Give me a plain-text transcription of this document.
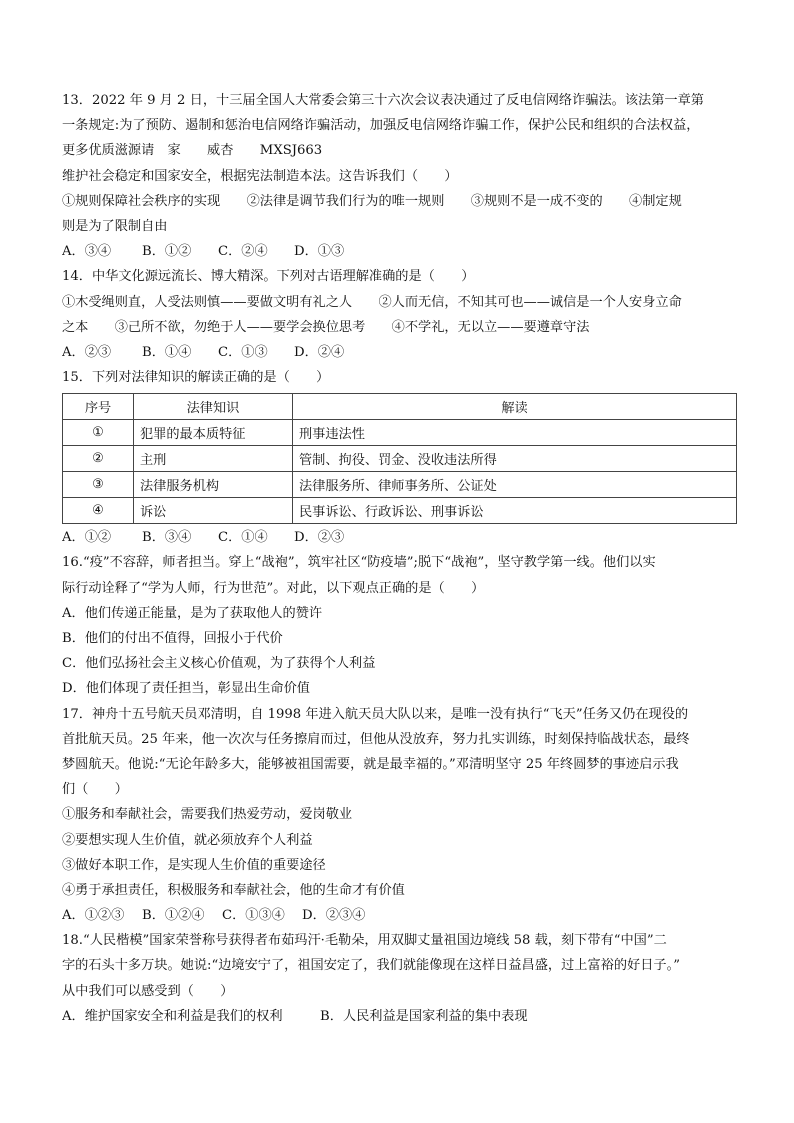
13．2022 年 9 月 2 日，十三届全国人大常委会第三十六次会议表决通过了反电信网络诈骗法。该法第一章第
一条规定:为了预防、遏制和惩治电信网络诈骗活动，加强反电信网络诈骗工作，保护公民和组织的合法权益，
更多优质滋源请　家　　威杏　　MXSJ663
维护社会稳定和国家安全，根据宪法制造本法。这告诉我们（　　）
①规则保障社会秩序的实现　　②法律是调节我们行为的唯一规则　　③规则不是一成不变的　　④制定规
则是为了限制自由
A．③④	B．①②	C．②④	D．①③
14．中华文化源远流长、博大精深。下列对古语理解准确的是（　　）
①木受绳则直，人受法则慎——要做文明有礼之人　　②人而无信，不知其可也——诚信是一个人安身立命
之本　　③己所不欲，勿绝于人——要学会换位思考　　④不学礼，无以立——要遵章守法
A．②③	B．①④	C．①③	D．②④
15．下列对法律知识的解读正确的是（　　）
序号	法律知识	解读
①	犯罪的最本质特征	刑事违法性
②	主刑	管制、拘役、罚金、没收违法所得
③	法律服务机构	法律服务所、律师事务所、公证处
④	诉讼	民事诉讼、行政诉讼、刑事诉讼
A．①②	B．③④	C．①④	D．②③
16.“疫”不容辞，师者担当。穿上“战袍”，筑牢社区“防疫墙”;脱下“战袍”，坚守教学第一线。他们以实
际行动诠释了“学为人师，行为世范”。对此，以下观点正确的是（　　）
A．他们传递正能量，是为了获取他人的赞许
B．他们的付出不值得，回报小于代价
C．他们弘扬社会主义核心价值观，为了获得个人利益
D．他们体现了责任担当，彰显出生命价值
17．神舟十五号航天员邓清明，自 1998 年进入航天员大队以来，是唯一没有执行“飞天”任务又仍在现役的
首批航天员。25 年来，他一次次与任务擦肩而过，但他从没放弃，努力扎实训练，时刻保持临战状态，最终
梦圆航天。他说:“无论年龄多大，能够被祖国需要，就是最幸福的。”邓清明坚守 25 年终圆梦的事迹启示我
们（　　）
①服务和奉献社会，需要我们热爱劳动，爱岗敬业
②要想实现人生价值，就必须放弃个人利益
③做好本职工作，是实现人生价值的重要途径
④勇于承担责任，积极服务和奉献社会，他的生命才有价值
A．①②③	B．①②④	C．①③④	D．②③④
18.“人民楷模”国家荣誉称号获得者布茹玛汗·毛勒朵，用双脚丈量祖国边境线 58 载，刻下带有“中国”二
字的石头十多万块。她说:“边境安宁了，祖国安定了，我们就能像现在这样日益昌盛，过上富裕的好日子。”
从中我们可以感受到（　　）
A．维护国家安全和利益是我们的权利	B．人民利益是国家利益的集中表现
